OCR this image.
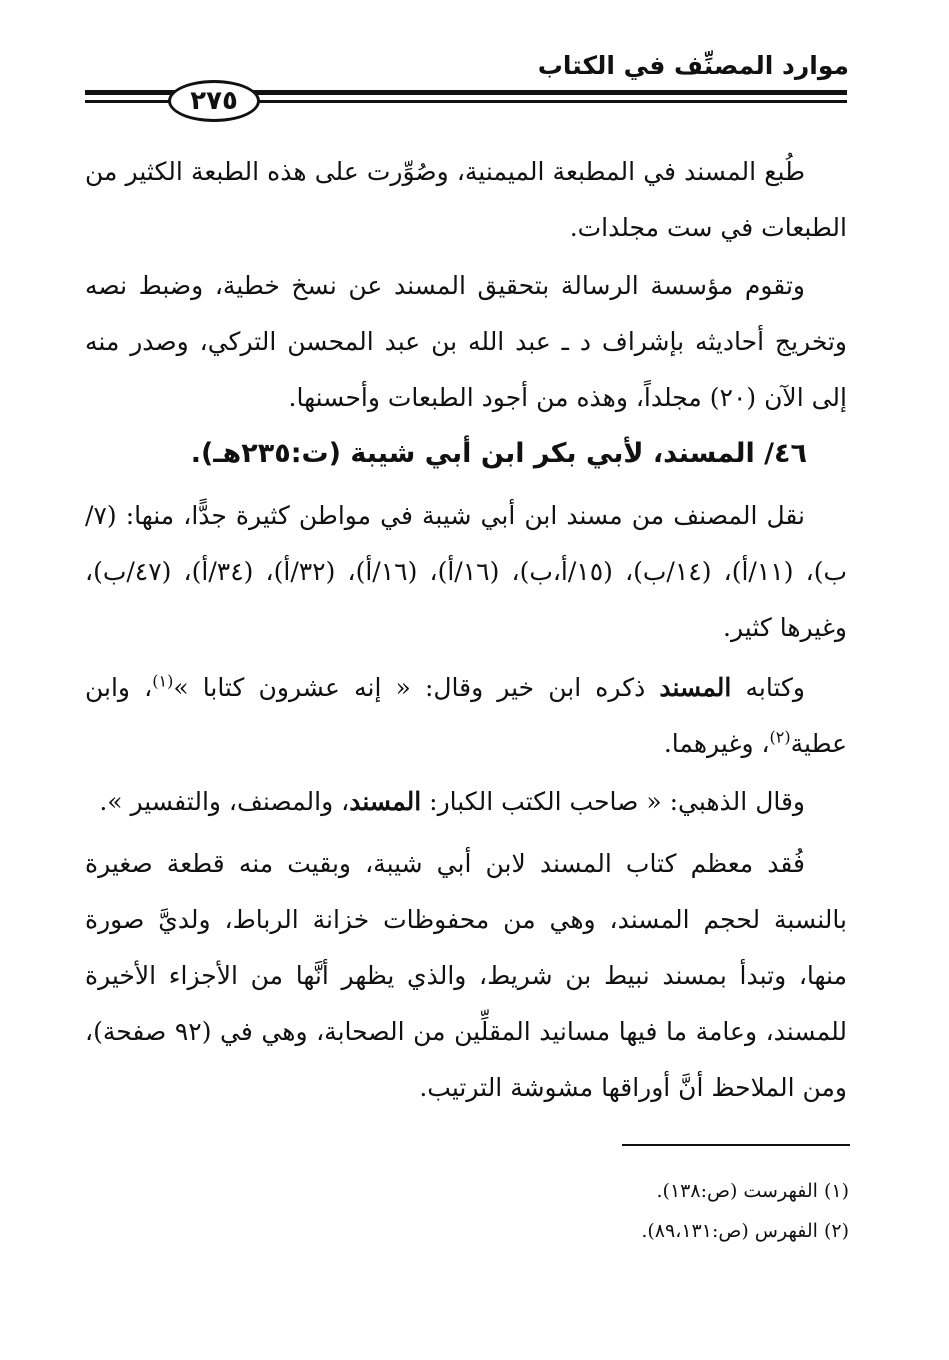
موارد المصنِّف في الكتاب
٢٧٥
طُبع المسند في المطبعة الميمنية، وصُوِّرت على هذه الطبعة الكثير من الطبعات في ست مجلدات.
وتقوم مؤسسة الرسالة بتحقيق المسند عن نسخ خطية، وضبط نصه وتخريج أحاديثه بإشراف د ـ عبد الله بن عبد المحسن التركي، وصدر منه إلى الآن (٢٠) مجلداً، وهذه من أجود الطبعات وأحسنها.
٤٦/ المسند، لأبي بكر ابن أبي شيبة (ت:٢٣٥هـ).
نقل المصنف من مسند ابن أبي شيبة في مواطن كثيرة جدًّا، منها: (٧/ب)، (١١/أ)، (١٤/ب)، (١٥/أ،ب)، (١٦/أ)، (١٦/أ)، (٣٢/أ)، (٣٤/أ)، (٤٧/ب)، وغيرها كثير.
وكتابه المسند ذكره ابن خير وقال: « إنه عشرون كتابا »$^{(١)}$، وابن عطية$^{(٢)}$، وغيرهما.
وقال الذهبي: « صاحب الكتب الكبار: المسند، والمصنف، والتفسير ».
فُقد معظم كتاب المسند لابن أبي شيبة، وبقيت منه قطعة صغيرة بالنسبة لحجم المسند، وهي من محفوظات خزانة الرباط، ولديَّ صورة منها، وتبدأ بمسند نبيط بن شريط، والذي يظهر أنَّها من الأجزاء الأخيرة للمسند، وعامة ما فيها مسانيد المقلِّين من الصحابة، وهي في (٩٢ صفحة)، ومن الملاحظ أنَّ أوراقها مشوشة الترتيب.
(١) الفهرست (ص:١٣٨).
(٢) الفهرس (ص:٨٩،١٣١).
